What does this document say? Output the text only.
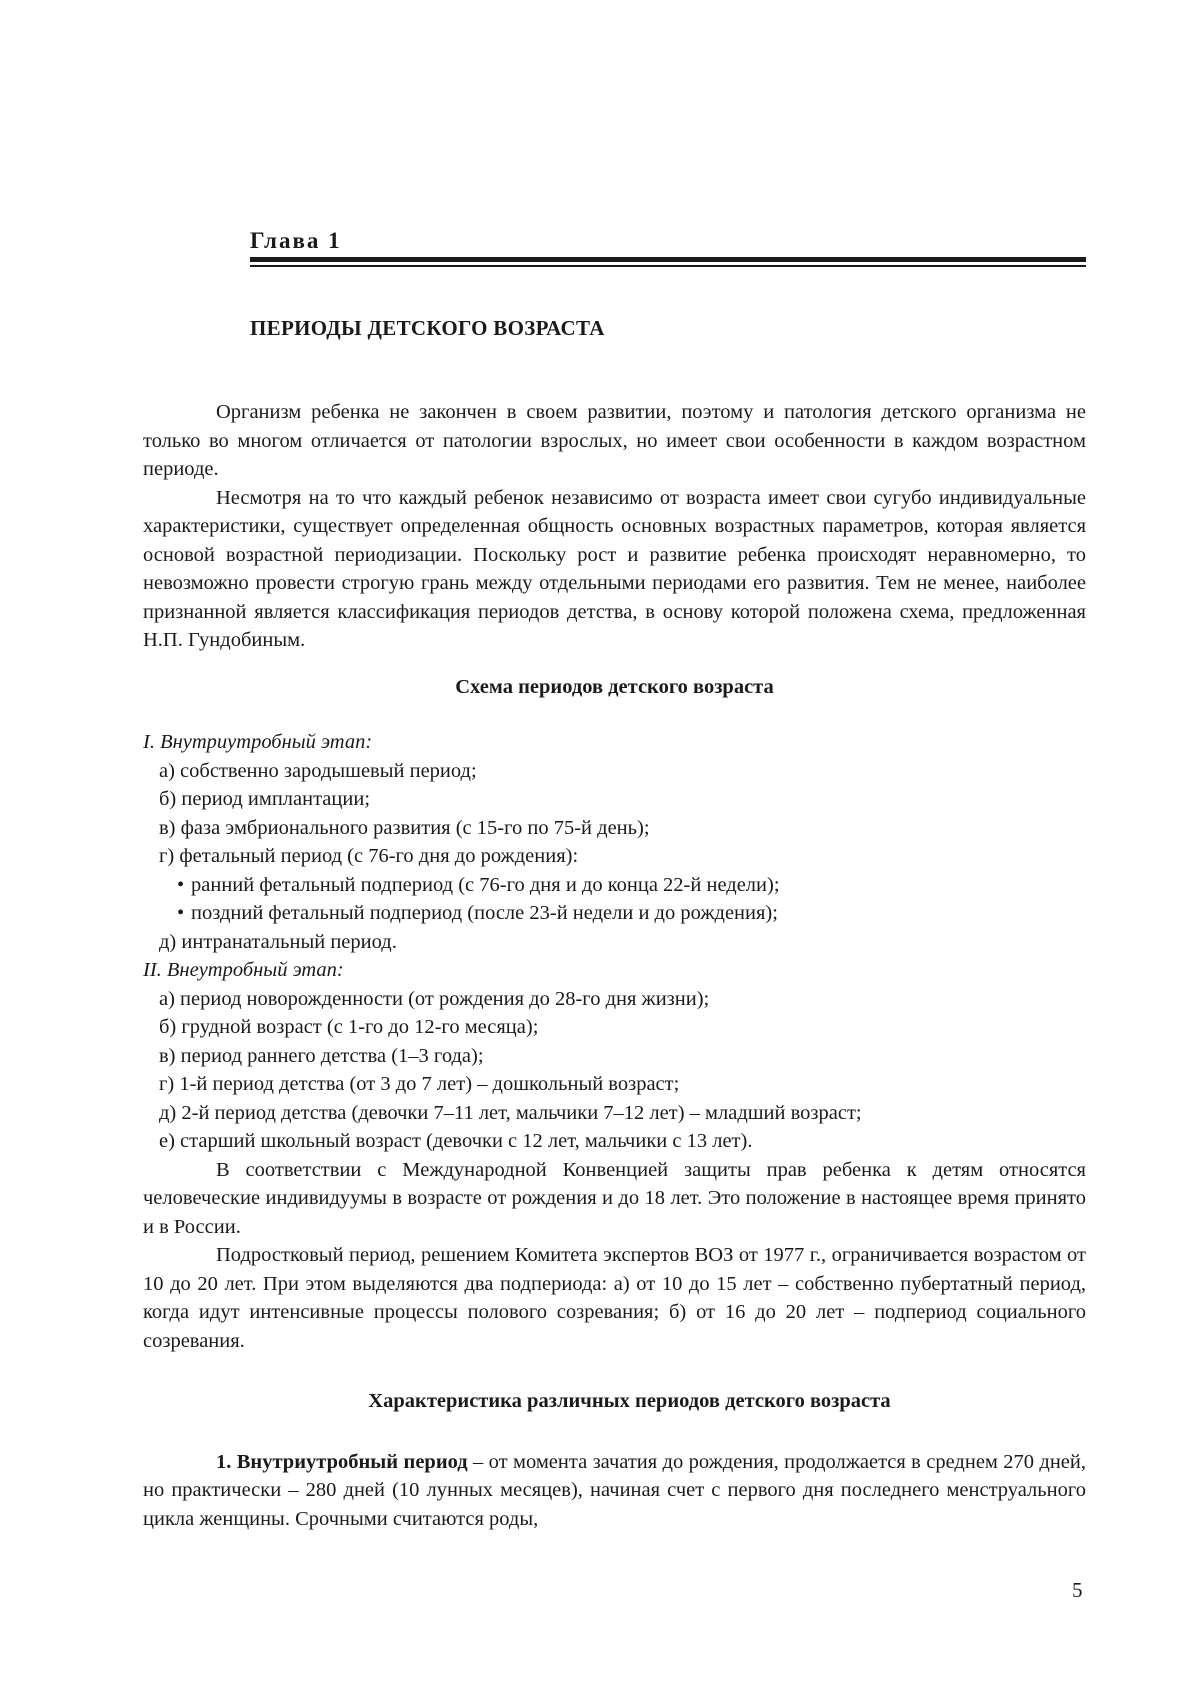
Глава 1
ПЕРИОДЫ ДЕТСКОГО ВОЗРАСТА

Организм ребенка не закончен в своем развитии, поэтому и патология детского организма не только во многом отличается от патологии взрослых, но имеет свои особенности в каждом возрастном периоде.

Несмотря на то что каждый ребенок независимо от возраста имеет свои сугубо индивидуальные характеристики, существует определенная общность основных возрастных параметров, которая является основой возрастной периодизации. Поскольку рост и развитие ребенка происходят неравномерно, то невозможно провести строгую грань между отдельными периодами его развития. Тем не менее, наиболее признанной является классификация периодов детства, в основу которой положена схема, предложенная Н.П. Гундобиным.

Схема периодов детского возраста
I. Внутриутробный этап:
а) собственно зародышевый период;
б) период имплантации;
в) фаза эмбрионального развития (с 15-го по 75-й день);
г) фетальный период (с 76-го дня до рождения):
• ранний фетальный подпериод (с 76-го дня и до конца 22-й недели);
• поздний фетальный подпериод (после 23-й недели и до рождения);
д) интранатальный период.
II. Внеутробный этап:
а) период новорожденности (от рождения до 28-го дня жизни);
б) грудной возраст (с 1-го до 12-го месяца);
в) период раннего детства (1–3 года);
г) 1-й период детства (от 3 до 7 лет) – дошкольный возраст;
д) 2-й период детства (девочки 7–11 лет, мальчики 7–12 лет) – младший возраст;
е) старший школьный возраст (девочки с 12 лет, мальчики с 13 лет).

В соответствии с Международной Конвенцией защиты прав ребенка к детям относятся человеческие индивидуумы в возрасте от рождения и до 18 лет. Это положение в настоящее время принято и в России.

Подростковый период, решением Комитета экспертов ВОЗ от 1977 г., ограничивается возрастом от 10 до 20 лет. При этом выделяются два подпериода: а) от 10 до 15 лет – собственно пубертатный период, когда идут интенсивные процессы полового созревания; б) от 16 до 20 лет – подпериод социального созревания.

Характеристика различных периодов детского возраста

1. Внутриутробный период – от момента зачатия до рождения, продолжается в среднем 270 дней, но практически – 280 дней (10 лунных месяцев), начиная счет с первого дня последнего менструального цикла женщины. Срочными считаются роды,

5
